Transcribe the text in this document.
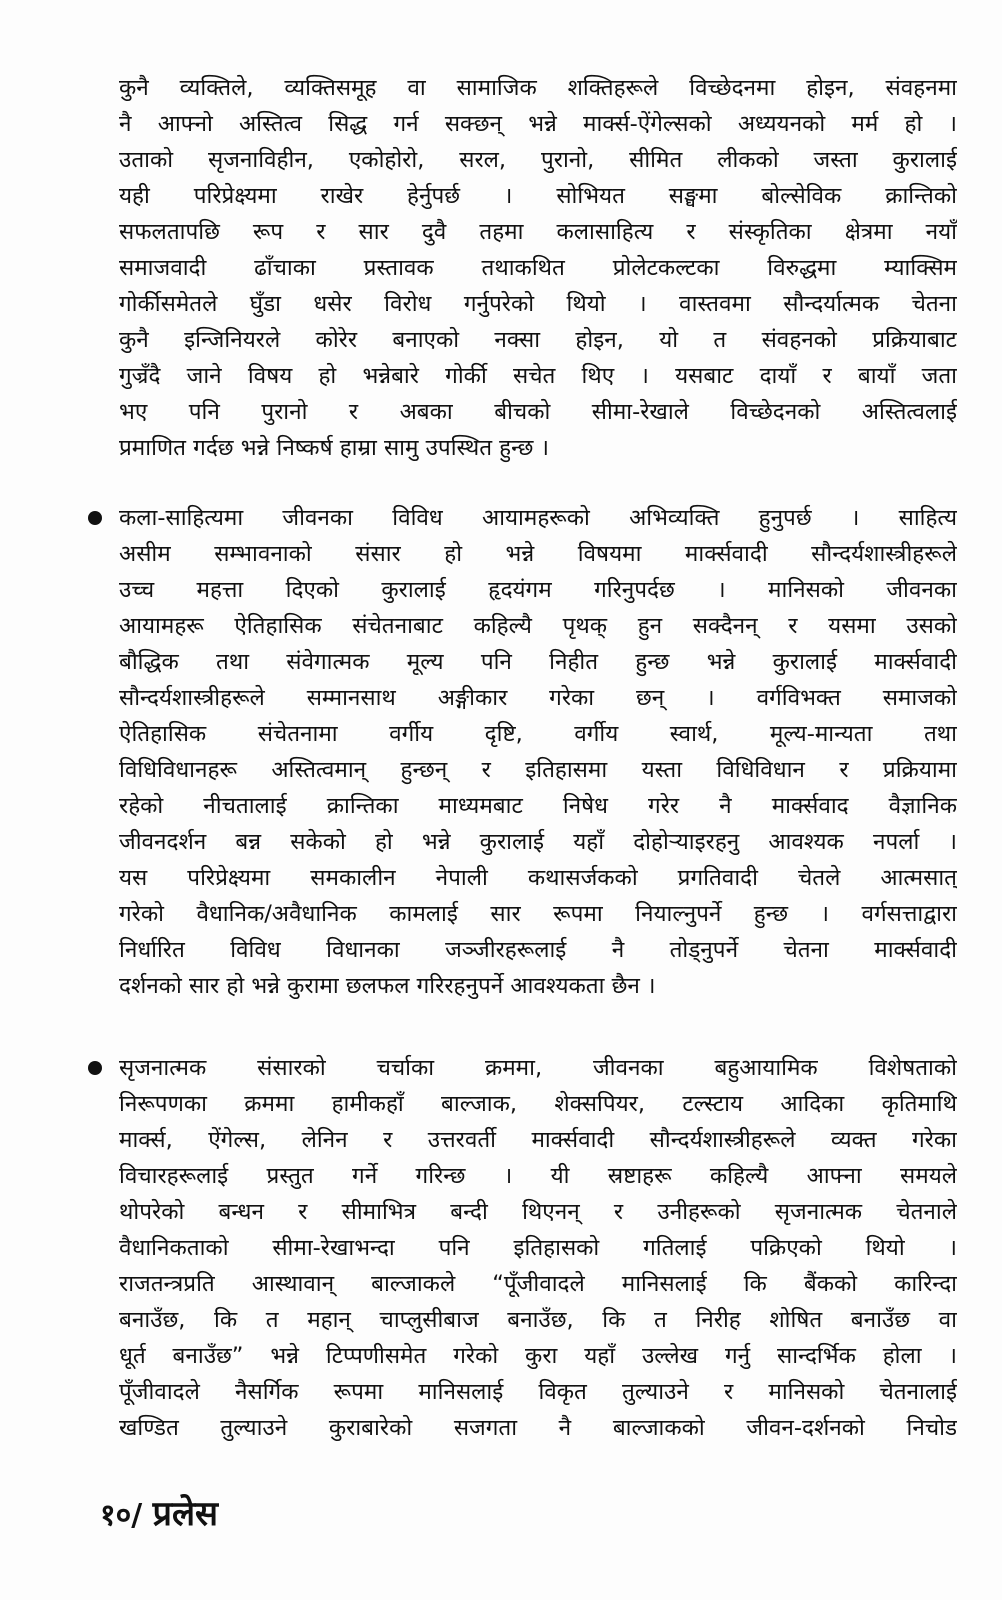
कुनै व्यक्तिले, व्यक्तिसमूह वा सामाजिक शक्तिहरूले विच्छेदनमा होइन, संवहनमा
नै आफ्नो अस्तित्व सिद्ध गर्न सक्छन् भन्ने मार्क्स-ऐंगेल्सको अध्ययनको मर्म हो ।
उताको सृजनाविहीन, एकोहोरो, सरल, पुरानो, सीमित लीकको जस्ता कुरालाई
यही परिप्रेक्ष्यमा राखेर हेर्नुपर्छ । सोभियत सङ्घमा बोल्सेविक क्रान्तिको
सफलतापछि रूप र सार दुवै तहमा कलासाहित्य र संस्कृतिका क्षेत्रमा नयाँ
समाजवादी ढाँचाका प्रस्तावक तथाकथित प्रोलेटकल्टका विरुद्धमा म्याक्सिम
गोर्कीसमेतले घुँडा धसेर विरोध गर्नुपरेको थियो । वास्तवमा सौन्दर्यात्मक चेतना
कुनै इन्जिनियरले कोरेर बनाएको नक्सा होइन, यो त संवहनको प्रक्रियाबाट
गुज्रँदै जाने विषय हो भन्नेबारे गोर्की सचेत थिए । यसबाट दायाँ र बायाँ जता
भए पनि पुरानो र अबका बीचको सीमा-रेखाले विच्छेदनको अस्तित्वलाई
प्रमाणित गर्दछ भन्ने निष्कर्ष हाम्रा सामु उपस्थित हुन्छ ।
कला-साहित्यमा जीवनका विविध आयामहरूको अभिव्यक्ति हुनुपर्छ । साहित्य
असीम सम्भावनाको संसार हो भन्ने विषयमा मार्क्सवादी सौन्दर्यशास्त्रीहरूले
उच्च महत्ता दिएको कुरालाई हृदयंगम गरिनुपर्दछ । मानिसको जीवनका
आयामहरू ऐतिहासिक संचेतनाबाट कहिल्यै पृथक् हुन सक्दैनन् र यसमा उसको
बौद्धिक तथा संवेगात्मक मूल्य पनि निहीत हुन्छ भन्ने कुरालाई मार्क्सवादी
सौन्दर्यशास्त्रीहरूले सम्मानसाथ अङ्गीकार गरेका छन् । वर्गविभक्त समाजको
ऐतिहासिक संचेतनामा वर्गीय दृष्टि, वर्गीय स्वार्थ, मूल्य-मान्यता तथा
विधिविधानहरू अस्तित्वमान् हुन्छन् र इतिहासमा यस्ता विधिविधान र प्रक्रियामा
रहेको नीचतालाई क्रान्तिका माध्यमबाट निषेध गरेर नै मार्क्सवाद वैज्ञानिक
जीवनदर्शन बन्न सकेको हो भन्ने कुरालाई यहाँ दोहोऱ्याइरहनु आवश्यक नपर्ला ।
यस परिप्रेक्ष्यमा समकालीन नेपाली कथासर्जकको प्रगतिवादी चेतले आत्मसात्
गरेको वैधानिक/अवैधानिक कामलाई सार रूपमा नियाल्नुपर्ने हुन्छ । वर्गसत्ताद्वारा
निर्धारित विविध विधानका जञ्जीरहरूलाई नै तोड्नुपर्ने चेतना मार्क्सवादी
दर्शनको सार हो भन्ने कुरामा छलफल गरिरहनुपर्ने आवश्यकता छैन ।
सृजनात्मक संसारको चर्चाका क्रममा, जीवनका बहुआयामिक विशेषताको
निरूपणका क्रममा हामीकहाँ बाल्जाक, शेक्सपियर, टल्स्टाय आदिका कृतिमाथि
मार्क्स, ऐंगेल्स, लेनिन र उत्तरवर्ती मार्क्सवादी सौन्दर्यशास्त्रीहरूले व्यक्त गरेका
विचारहरूलाई प्रस्तुत गर्ने गरिन्छ । यी स्रष्टाहरू कहिल्यै आफ्ना समयले
थोपरेको बन्धन र सीमाभित्र बन्दी थिएनन् र उनीहरूको सृजनात्मक चेतनाले
वैधानिकताको सीमा-रेखाभन्दा पनि इतिहासको गतिलाई पक्रिएको थियो ।
राजतन्त्रप्रति आस्थावान् बाल्जाकले “पूँजीवादले मानिसलाई कि बैंकको कारिन्दा
बनाउँछ, कि त महान् चाप्लुसीबाज बनाउँछ, कि त निरीह शोषित बनाउँछ वा
धूर्त बनाउँछ” भन्ने टिप्पणीसमेत गरेको कुरा यहाँ उल्लेख गर्नु सान्दर्भिक होला ।
पूँजीवादले नैसर्गिक रूपमा मानिसलाई विकृत तुल्याउने र मानिसको चेतनालाई
खण्डित तुल्याउने कुराबारेको सजगता नै बाल्जाकको जीवन-दर्शनको निचोड
१०/ प्रलेस
